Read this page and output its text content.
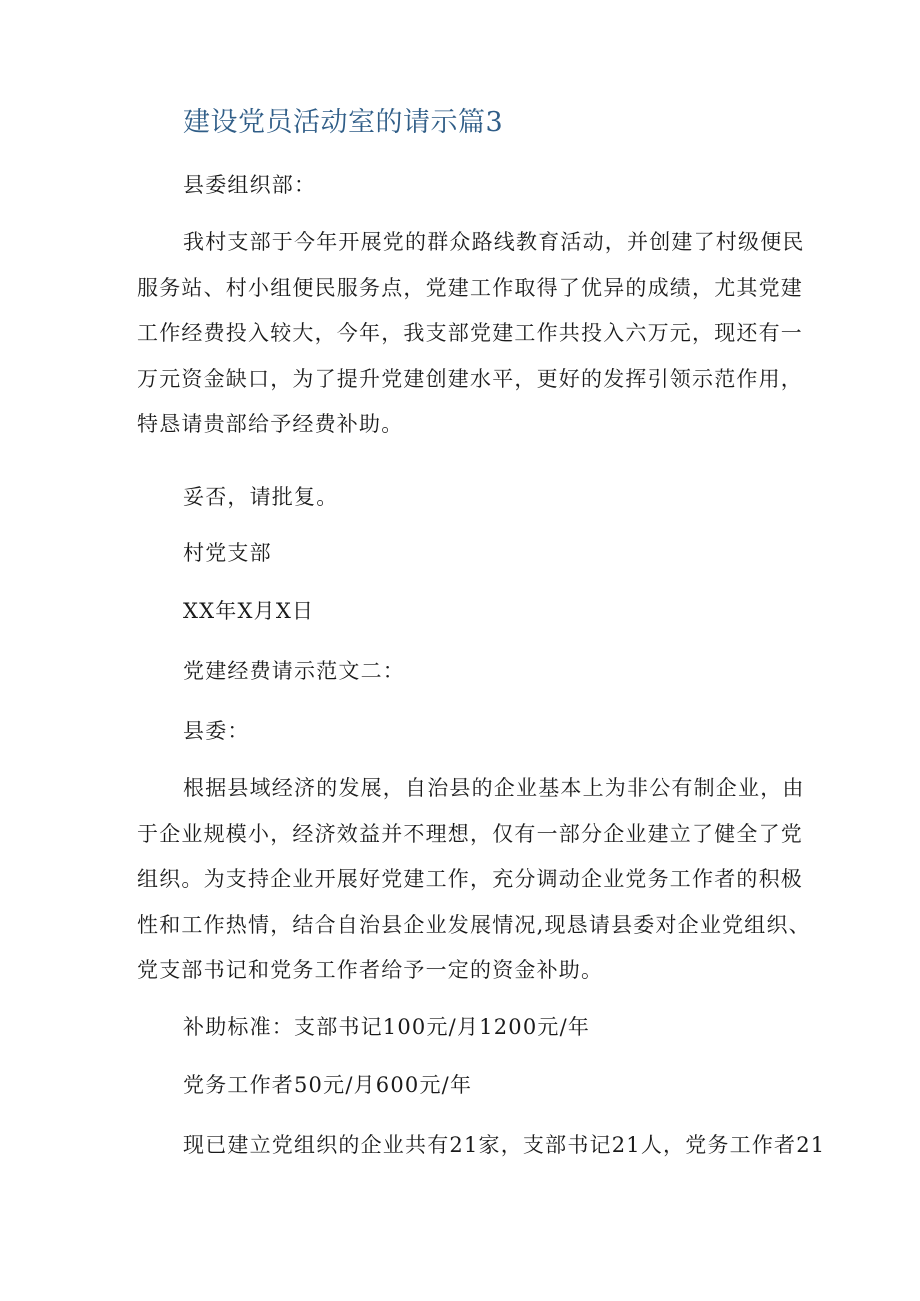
建设党员活动室的请示篇3
县委组织部：
我村支部于今年开展党的群众路线教育活动，并创建了村级便民
服务站、村小组便民服务点，党建工作取得了优异的成绩，尤其党建
工作经费投入较大，今年，我支部党建工作共投入六万元，现还有一
万元资金缺口，为了提升党建创建水平，更好的发挥引领示范作用，
特恳请贵部给予经费补助。
妥否，请批复。
村党支部
XX年X月X日
党建经费请示范文二：
县委：
根据县域经济的发展，自治县的企业基本上为非公有制企业，由
于企业规模小，经济效益并不理想，仅有一部分企业建立了健全了党
组织。为支持企业开展好党建工作，充分调动企业党务工作者的积极
性和工作热情，结合自治县企业发展情况,现恳请县委对企业党组织、
党支部书记和党务工作者给予一定的资金补助。
补助标准：支部书记100元/月1200元/年
党务工作者50元/月600元/年
现已建立党组织的企业共有21家，支部书记21人，党务工作者21
